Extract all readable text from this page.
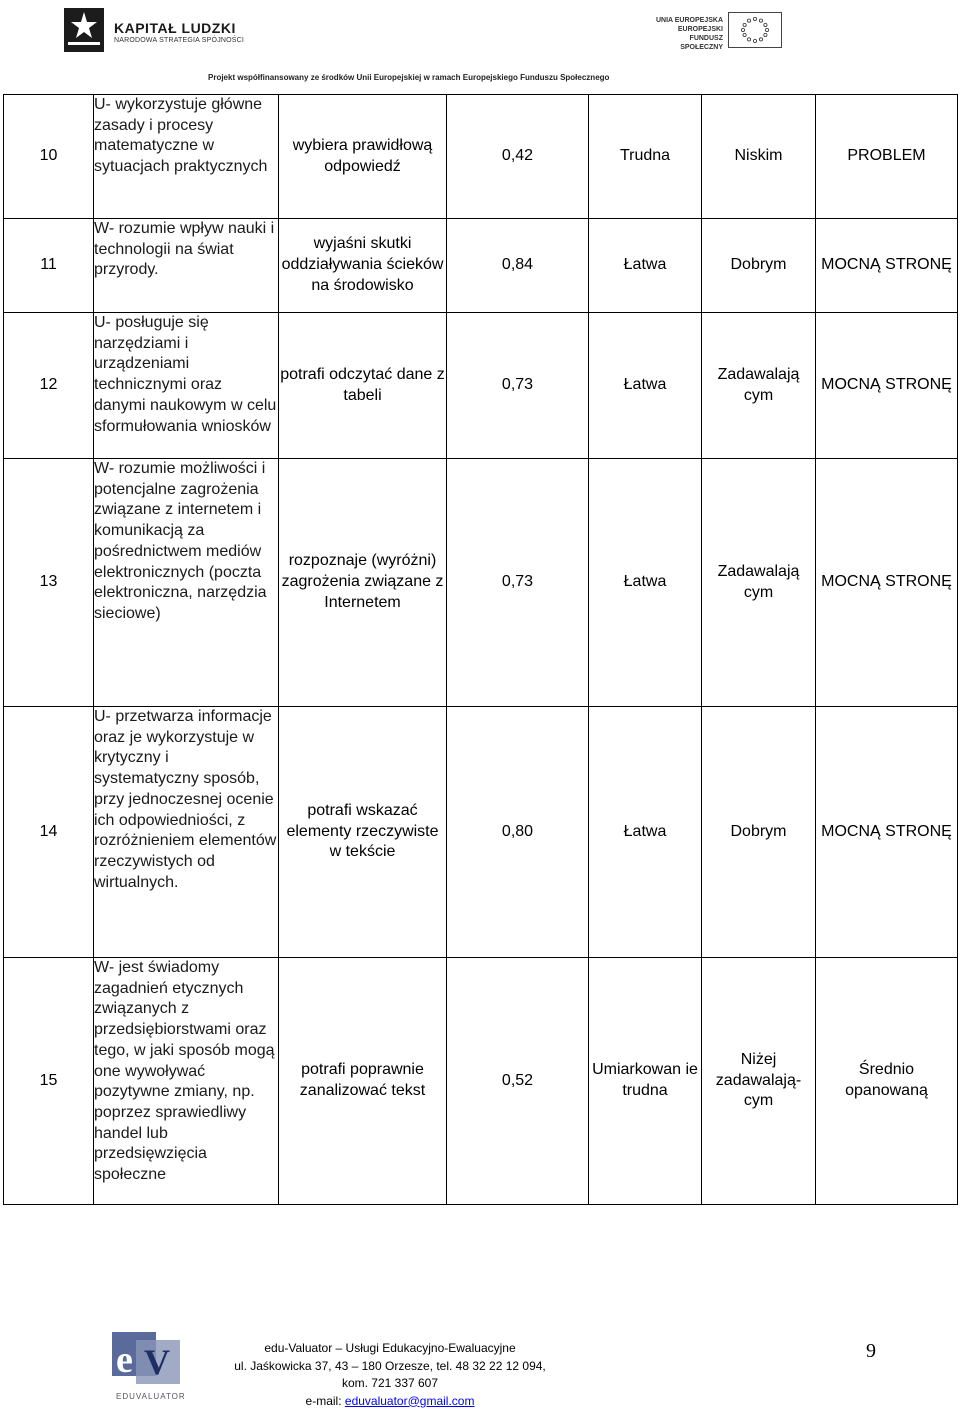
KAPITAŁ LUDZKI
NARODOWA STRATEGIA SPÓJNOŚCI
UNIA EUROPEJSKA
EUROPEJSKI
FUNDUSZ SPOŁECZNY
Projekt współfinansowany ze środków Unii Europejskiej w ramach Europejskiego Funduszu Społecznego
10	U- wykorzystuje główne zasady i procesy matematyczne w sytuacjach praktycznych	wybiera prawidłową odpowiedź	0,42	Trudna	Niskim	PROBLEM
11	W- rozumie wpływ nauki i technologii na świat przyrody.	wyjaśni skutki oddziaływania ścieków na środowisko	0,84	Łatwa	Dobrym	MOCNĄ STRONĘ
12	U- posługuje się narzędziami i urządzeniami technicznymi oraz danymi naukowym w celu sformułowania wniosków	potrafi odczytać dane z tabeli	0,73	Łatwa	Zadawalają cym	MOCNĄ STRONĘ
13	W- rozumie możliwości i potencjalne zagrożenia związane z internetem i komunikacją za pośrednictwem mediów elektronicznych (poczta elektroniczna, narzędzia sieciowe)	rozpoznaje (wyróżni) zagrożenia związane z Internetem	0,73	Łatwa	Zadawalają cym	MOCNĄ STRONĘ
14	U- przetwarza informacje oraz je wykorzystuje w krytyczny i systematyczny sposób, przy jednoczesnej ocenie ich odpowiedniości, z rozróżnieniem elementów rzeczywistych od wirtualnych.	potrafi wskazać elementy rzeczywiste w tekście	0,80	Łatwa	Dobrym	MOCNĄ STRONĘ
15	W- jest świadomy zagadnień etycznych związanych z przedsiębiorstwami oraz tego, w jaki sposób mogą one wywoływać pozytywne zmiany, np. poprzez sprawiedliwy handel lub przedsięwzięcia społeczne	potrafi poprawnie zanalizować tekst	0,52	Umiarkowan ie trudna	Niżej zadawalają- cym	Średnio opanowaną
e V
EDUVALUATOR
edu-Valuator – Usługi Edukacyjno-Ewaluacyjne
ul. Jaśkowicka 37, 43 – 180 Orzesze, tel. 48 32 22 12 094, kom. 721 337 607
e-mail: eduvaluator@gmail.com
9
